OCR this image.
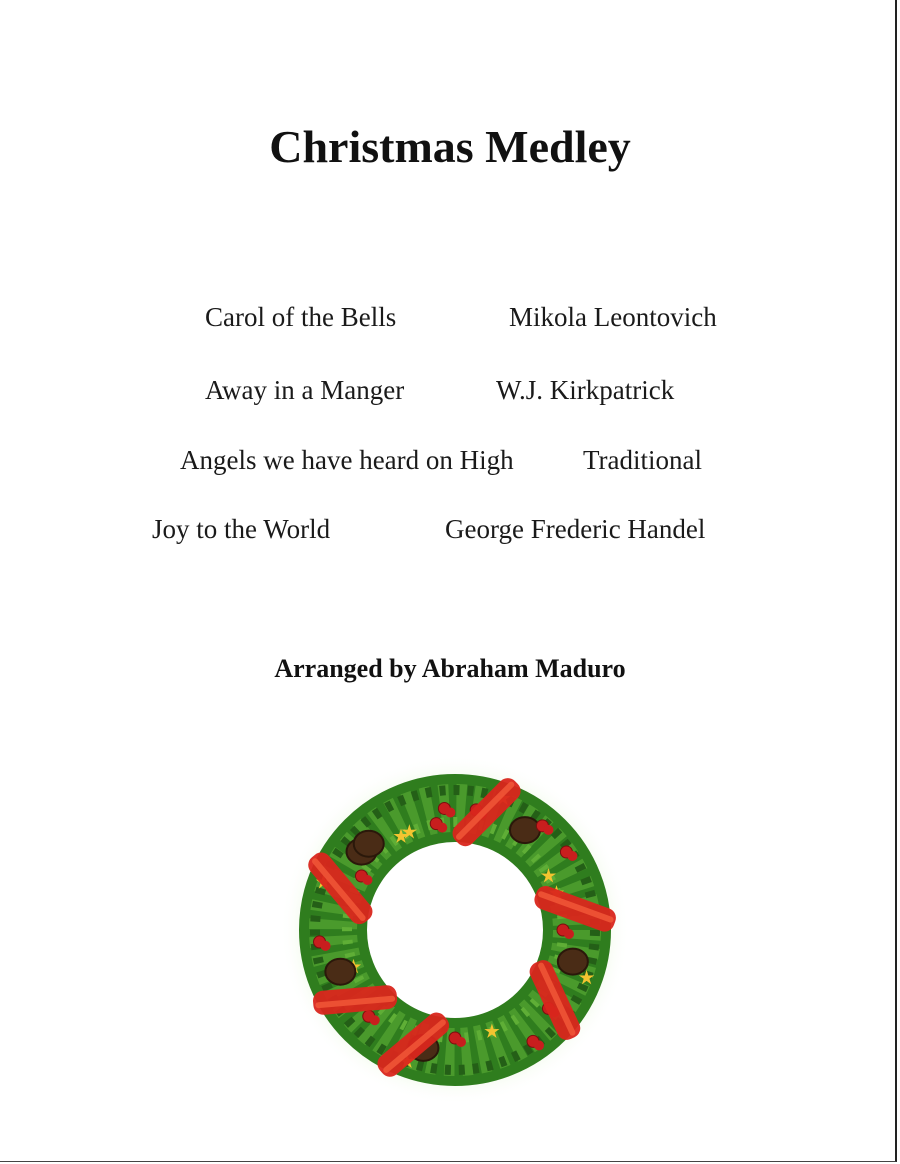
Christmas Medley
Carol of the Bells	Mikola Leontovich
Away in a Manger	W.J. Kirkpatrick
Angels we have heard on High	Traditional
Joy to the World	George Frederic Handel
Arranged by Abraham Maduro
